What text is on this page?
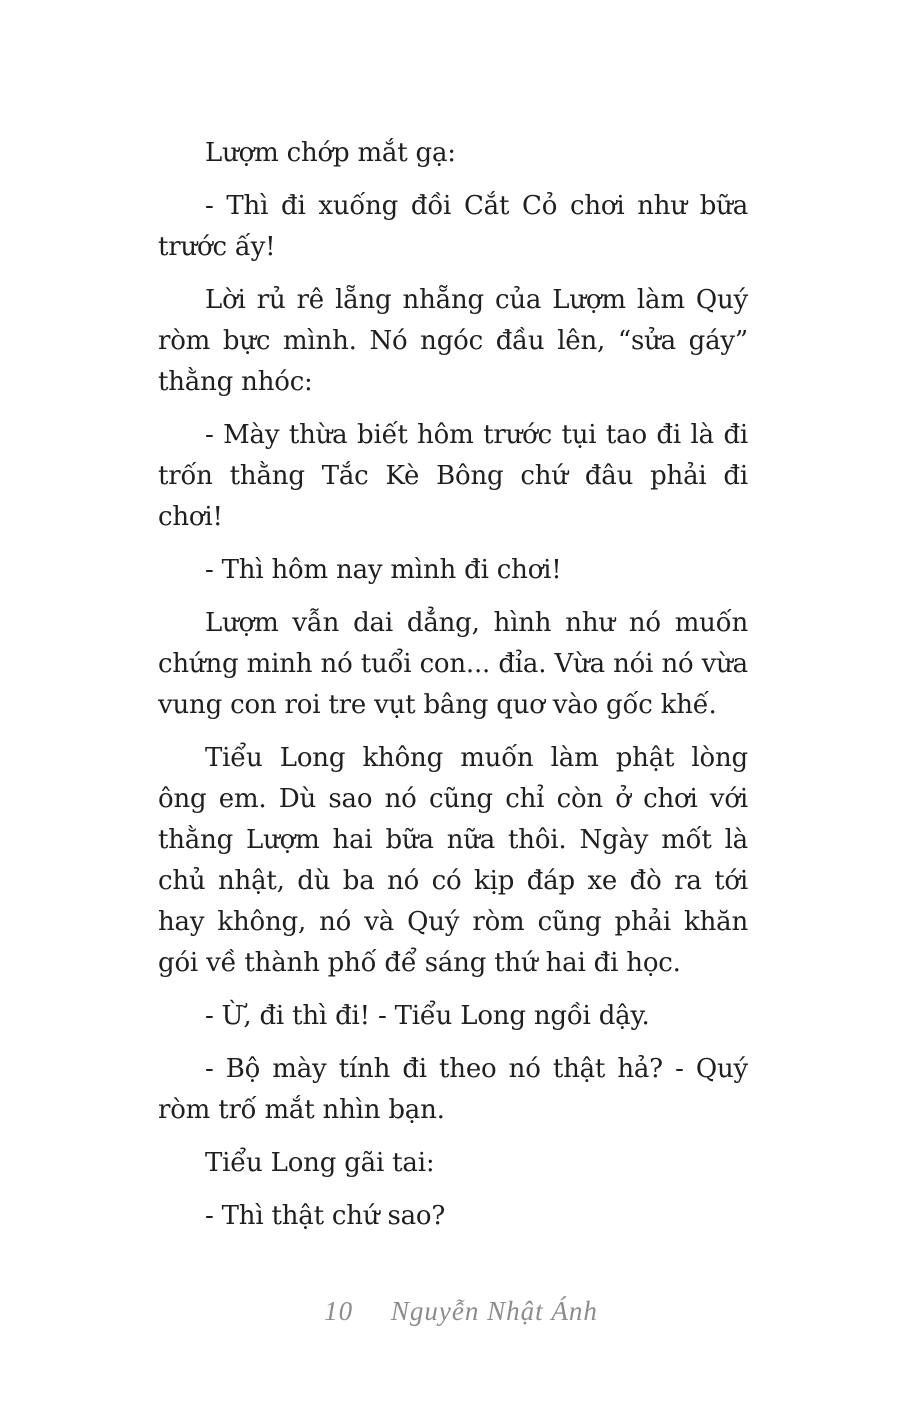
Lượm chớp mắt gạ:

- Thì đi xuống đồi Cắt Cỏ chơi như bữa trước ấy!

Lời rủ rê lẵng nhẵng của Lượm làm Quý ròm bực mình. Nó ngóc đầu lên, “sửa gáy” thằng nhóc:

- Mày thừa biết hôm trước tụi tao đi là đi trốn thằng Tắc Kè Bông chứ đâu phải đi chơi!

- Thì hôm nay mình đi chơi!

Lượm vẫn dai dẳng, hình như nó muốn chứng minh nó tuổi con... đỉa. Vừa nói nó vừa vung con roi tre vụt bâng quơ vào gốc khế.

Tiểu Long không muốn làm phật lòng ông em. Dù sao nó cũng chỉ còn ở chơi với thằng Lượm hai bữa nữa thôi. Ngày mốt là chủ nhật, dù ba nó có kịp đáp xe đò ra tới hay không, nó và Quý ròm cũng phải khăn gói về thành phố để sáng thứ hai đi học.

- Ừ, đi thì đi! - Tiểu Long ngồi dậy.

- Bộ mày tính đi theo nó thật hả? - Quý ròm trố mắt nhìn bạn.

Tiểu Long gãi tai:

- Thì thật chứ sao?

10 Nguyễn Nhật Ánh
